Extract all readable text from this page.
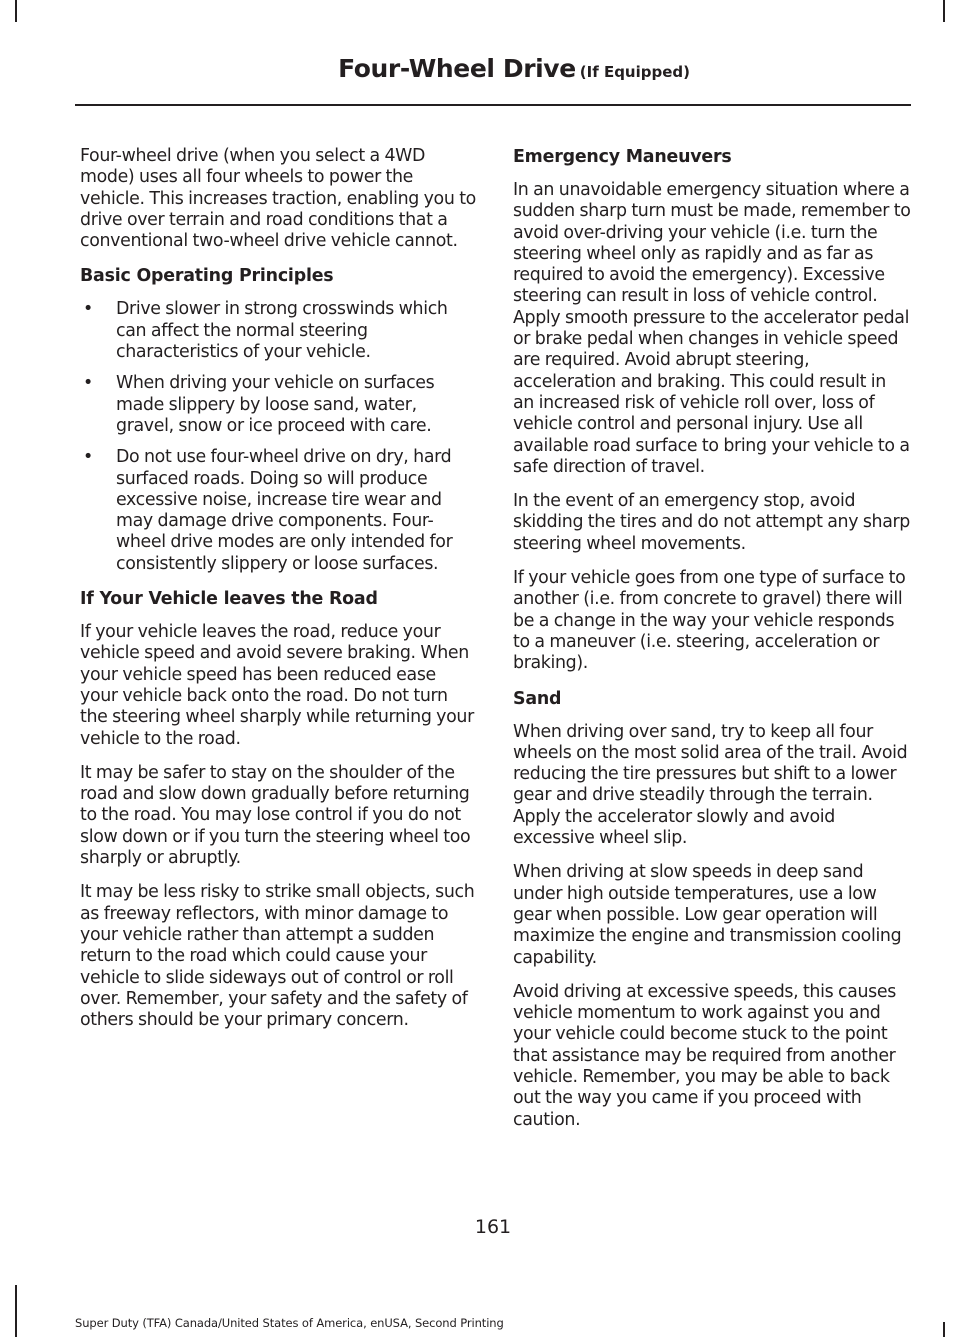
Four-Wheel Drive (If Equipped)

Four-wheel drive (when you select a 4WD mode) uses all four wheels to power the vehicle. This increases traction, enabling you to drive over terrain and road conditions that a conventional two-wheel drive vehicle cannot.

Basic Operating Principles
• Drive slower in strong crosswinds which can affect the normal steering characteristics of your vehicle.
• When driving your vehicle on surfaces made slippery by loose sand, water, gravel, snow or ice proceed with care.
• Do not use four-wheel drive on dry, hard surfaced roads. Doing so will produce excessive noise, increase tire wear and may damage drive components. Four-wheel drive modes are only intended for consistently slippery or loose surfaces.
If Your Vehicle leaves the Road

If your vehicle leaves the road, reduce your vehicle speed and avoid severe braking. When your vehicle speed has been reduced ease your vehicle back onto the road. Do not turn the steering wheel sharply while returning your vehicle to the road.

It may be safer to stay on the shoulder of the road and slow down gradually before returning to the road. You may lose control if you do not slow down or if you turn the steering wheel too sharply or abruptly.

It may be less risky to strike small objects, such as freeway reflectors, with minor damage to your vehicle rather than attempt a sudden return to the road which could cause your vehicle to slide sideways out of control or roll over. Remember, your safety and the safety of others should be your primary concern.

Emergency Maneuvers

In an unavoidable emergency situation where a sudden sharp turn must be made, remember to avoid over-driving your vehicle (i.e. turn the steering wheel only as rapidly and as far as required to avoid the emergency). Excessive steering can result in loss of vehicle control. Apply smooth pressure to the accelerator pedal or brake pedal when changes in vehicle speed are required. Avoid abrupt steering, acceleration and braking. This could result in an increased risk of vehicle roll over, loss of vehicle control and personal injury. Use all available road surface to bring your vehicle to a safe direction of travel.

In the event of an emergency stop, avoid skidding the tires and do not attempt any sharp steering wheel movements.

If your vehicle goes from one type of surface to another (i.e. from concrete to gravel) there will be a change in the way your vehicle responds to a maneuver (i.e. steering, acceleration or braking).

Sand

When driving over sand, try to keep all four wheels on the most solid area of the trail. Avoid reducing the tire pressures but shift to a lower gear and drive steadily through the terrain. Apply the accelerator slowly and avoid excessive wheel slip.

When driving at slow speeds in deep sand under high outside temperatures, use a low gear when possible. Low gear operation will maximize the engine and transmission cooling capability.

Avoid driving at excessive speeds, this causes vehicle momentum to work against you and your vehicle could become stuck to the point that assistance may be required from another vehicle. Remember, you may be able to back out the way you came if you proceed with caution.

161
Super Duty (TFA) Canada/United States of America, enUSA, Second Printing
